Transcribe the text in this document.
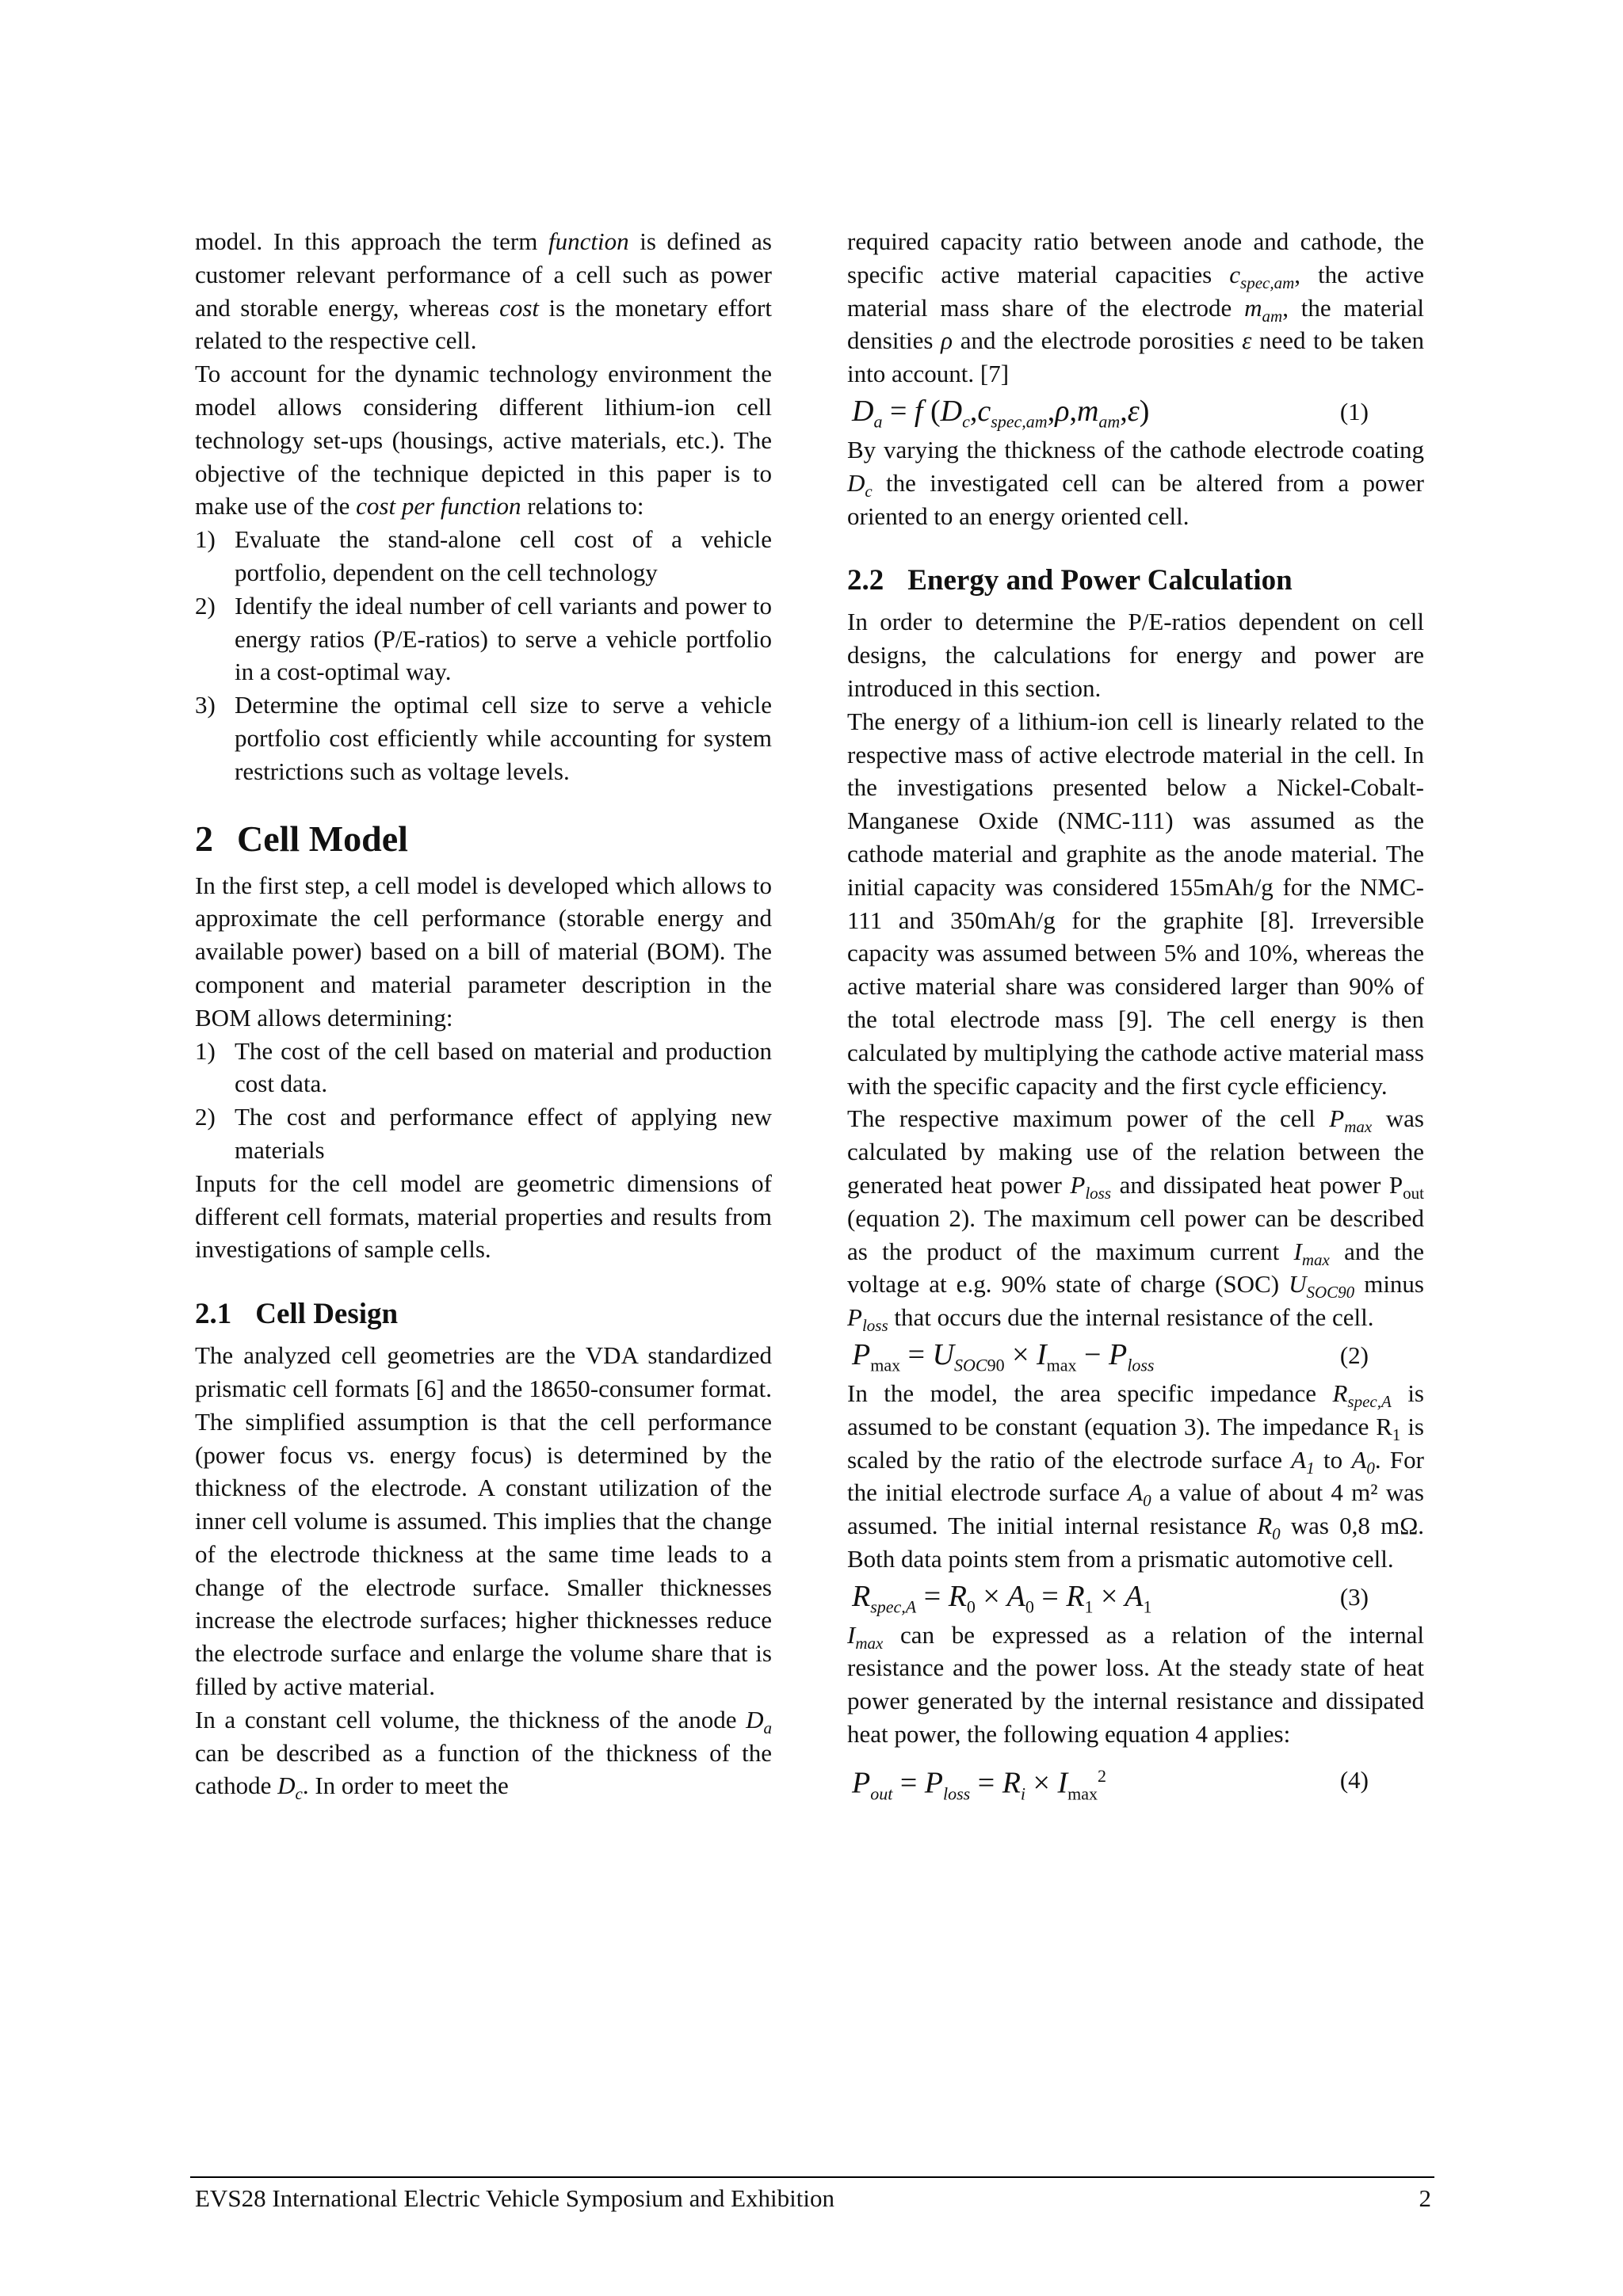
model. In this approach the term function is defined as customer relevant performance of a cell such as power and storable energy, whereas cost is the monetary effort related to the respective cell.

To account for the dynamic technology environment the model allows considering different lithium-ion cell technology set-ups (housings, active materials, etc.). The objective of the technique depicted in this paper is to make use of the cost per function relations to:

1) Evaluate the stand-alone cell cost of a vehicle portfolio, dependent on the cell technology
2) Identify the ideal number of cell variants and power to energy ratios (P/E-ratios) to serve a vehicle portfolio in a cost-optimal way.
3) Determine the optimal cell size to serve a vehicle portfolio cost efficiently while accounting for system restrictions such as voltage levels.
2 Cell Model

In the first step, a cell model is developed which allows to approximate the cell performance (storable energy and available power) based on a bill of material (BOM). The component and material parameter description in the BOM allows determining:

1) The cost of the cell based on material and production cost data.
2) The cost and performance effect of applying new materials

Inputs for the cell model are geometric dimensions of different cell formats, material properties and results from investigations of sample cells.

2.1 Cell Design

The analyzed cell geometries are the VDA standardized prismatic cell formats [6] and the 18650-consumer format. The simplified assumption is that the cell performance (power focus vs. energy focus) is determined by the thickness of the electrode. A constant utilization of the inner cell volume is assumed. This implies that the change of the electrode thickness at the same time leads to a change of the electrode surface. Smaller thicknesses increase the electrode surfaces; higher thicknesses reduce the electrode surface and enlarge the volume share that is filled by active material.

In a constant cell volume, the thickness of the anode $D_a$ can be described as a function of the thickness of the cathode $D_c$. In order to meet the

required capacity ratio between anode and cathode, the specific active material capacities $c_{spec,am}$, the active material mass share of the electrode $m_{am}$, the material densities ρ and the electrode porosities ε need to be taken into account. [7]

$D_a = f$ $(D_c,c_{spec,am},\rho,m_{am},\varepsilon)$	(1)

By varying the thickness of the cathode electrode coating $D_c$ the investigated cell can be altered from a power oriented to an energy oriented cell.

2.2 Energy and Power Calculation

In order to determine the P/E-ratios dependent on cell designs, the calculations for energy and power are introduced in this section.

The energy of a lithium-ion cell is linearly related to the respective mass of active electrode material in the cell. In the investigations presented below a Nickel-Cobalt-Manganese Oxide (NMC-111) was assumed as the cathode material and graphite as the anode material. The initial capacity was considered 155mAh/g for the NMC-111 and 350mAh/g for the graphite [8]. Irreversible capacity was assumed between 5% and 10%, whereas the active material share was considered larger than 90% of the total electrode mass [9]. The cell energy is then calculated by multiplying the cathode active material mass with the specific capacity and the first cycle efficiency.

The respective maximum power of the cell $P_{max}$ was calculated by making use of the relation between the generated heat power $P_{loss}$ and dissipated heat power $P_{out}$ (equation 2). The maximum cell power can be described as the product of the maximum current $I_{max}$ and the voltage at e.g. 90% state of charge (SOC) $U_{SOC90}$ minus $P_{loss}$ that occurs due the internal resistance of the cell.

$P_{max} = U_{SOC90} \times I_{max} - P_{loss}$	(2)

In the model, the area specific impedance $R_{spec,A}$ is assumed to be constant (equation 3). The impedance $R_1$ is scaled by the ratio of the electrode surface $A_1$ to $A_0$. For the initial electrode surface $A_0$ a value of about 4 m² was assumed. The initial internal resistance $R_0$ was 0,8 mΩ. Both data points stem from a prismatic automotive cell.

$R_{spec,A} = R_0 \times A_0 = R_1 \times A_1$	(3)

$I_{max}$ can be expressed as a relation of the internal resistance and the power loss. At the steady state of heat power generated by the internal resistance and dissipated heat power, the following equation 4 applies:

$P_{out} = P_{loss} = R_i \times I_{max}^2$	(4)
EVS28 International Electric Vehicle Symposium and Exhibition	2
